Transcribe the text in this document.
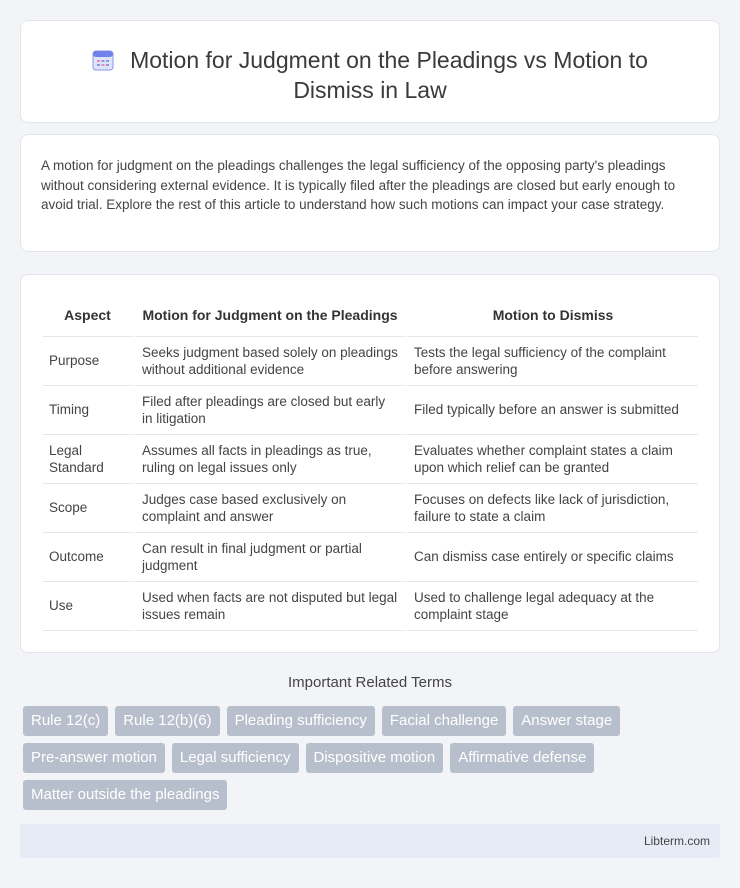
Motion for Judgment on the Pleadings vs Motion to Dismiss in Law

A motion for judgment on the pleadings challenges the legal sufficiency of the opposing party's pleadings without considering external evidence. It is typically filed after the pleadings are closed but early enough to avoid trial. Explore the rest of this article to understand how such motions can impact your case strategy.

Aspect	Motion for Judgment on the Pleadings	Motion to Dismiss
Purpose	Seeks judgment based solely on pleadings without additional evidence	Tests the legal sufficiency of the complaint before answering
Timing	Filed after pleadings are closed but early in litigation	Filed typically before an answer is submitted
Legal Standard	Assumes all facts in pleadings as true, ruling on legal issues only	Evaluates whether complaint states a claim upon which relief can be granted
Scope	Judges case based exclusively on complaint and answer	Focuses on defects like lack of jurisdiction, failure to state a claim
Outcome	Can result in final judgment or partial judgment	Can dismiss case entirely or specific claims
Use	Used when facts are not disputed but legal issues remain	Used to challenge legal adequacy at the complaint stage
Important Related Terms
Rule 12(c)	Rule 12(b)(6)	Pleading sufficiency	Facial challenge	Answer stage
Pre-answer motion	Legal sufficiency	Dispositive motion	Affirmative defense
Matter outside the pleadings
Libterm.com
